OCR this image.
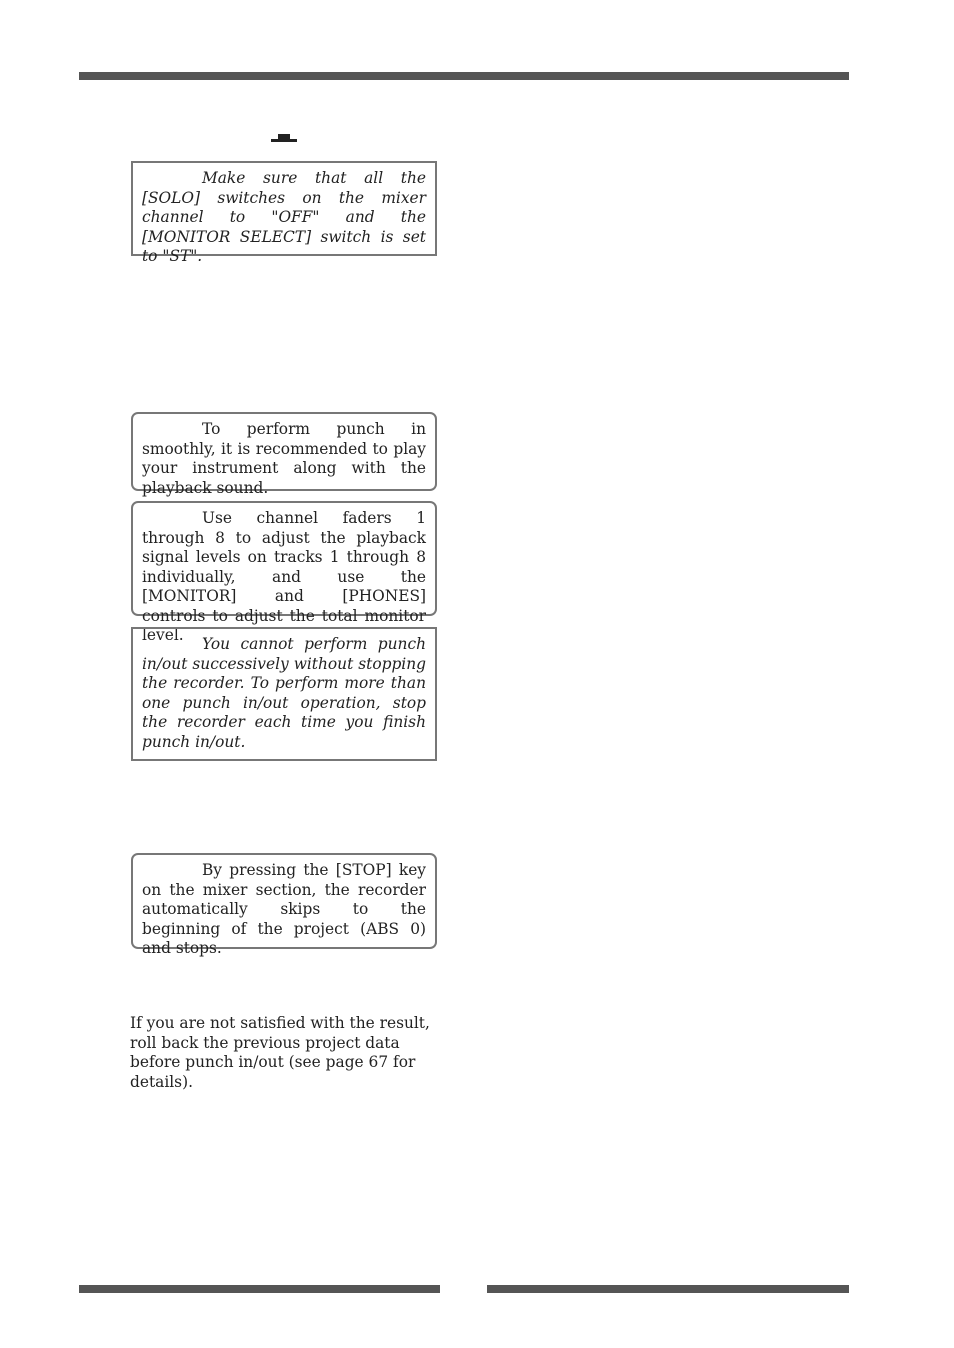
Make sure that all the [SOLO] switches on the mixer channel to "OFF" and the [MONITOR SELECT] switch is set to "ST".
To perform punch in smoothly, it is recommended to play your instrument along with the playback sound.
Use channel faders 1 through 8 to adjust the playback signal levels on tracks 1 through 8 individually, and use the [MONITOR] and [PHONES] controls to adjust the total monitor level.	You cannot perform punch in/out successively without stopping the recorder. To perform more than one punch in/out operation, stop the recorder each time you finish punch in/out.
By pressing the [STOP] key on the mixer section, the recorder automatically skips to the beginning of the project (ABS 0) and stops.

If you are not satisfied with the result, roll back the previous project data before punch in/out (see page 67 for details).
